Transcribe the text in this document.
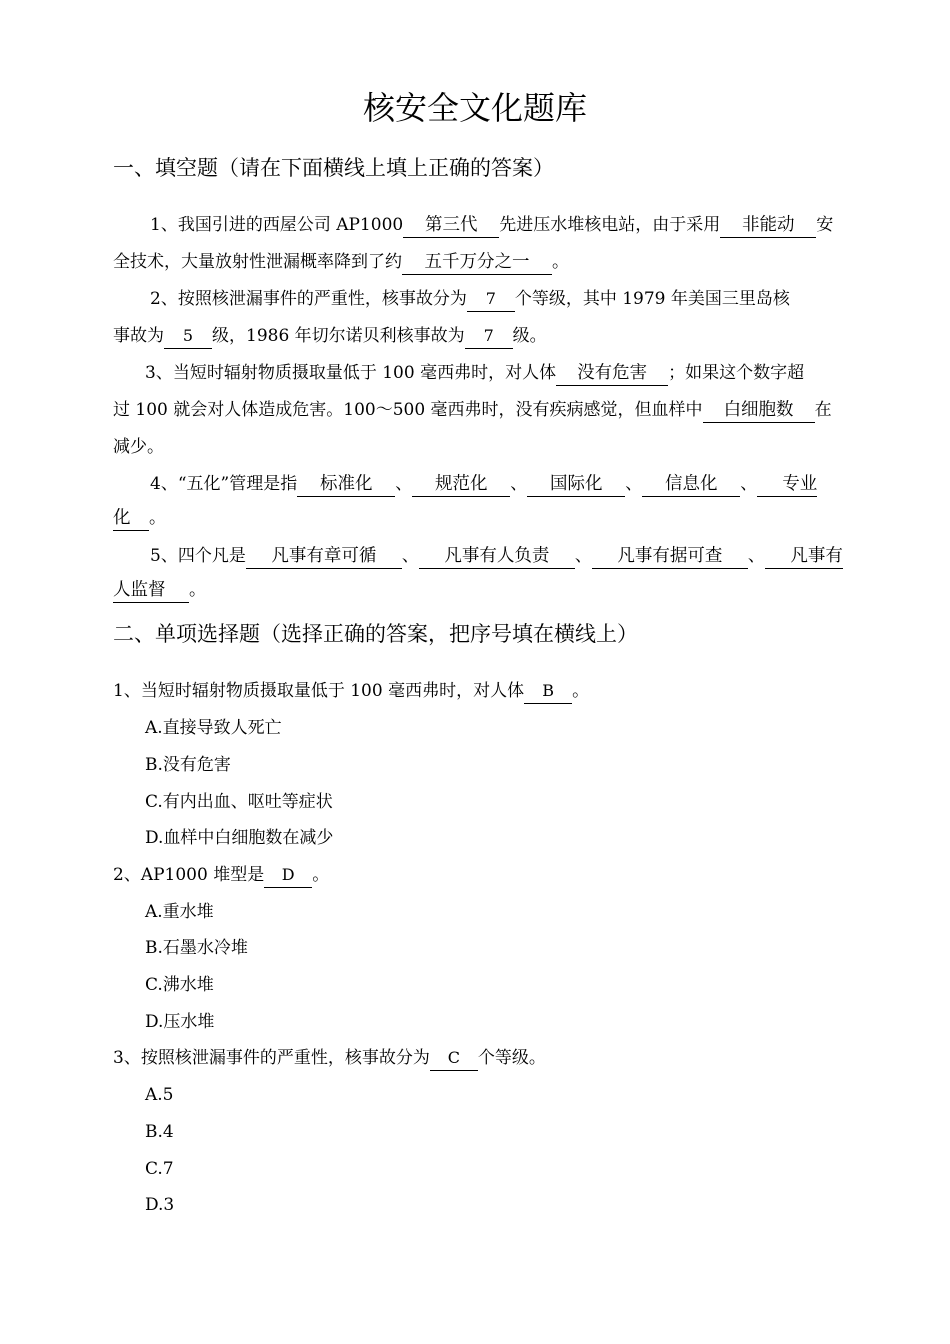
核安全文化题库
一、填空题（请在下面横线上填上正确的答案）
1、我国引进的西屋公司 AP1000 第三代 先进压水堆核电站，由于采用 非能动 安
全技术，大量放射性泄漏概率降到了约 五千万分之一 。
2、按照核泄漏事件的严重性，核事故分为 7 个等级，其中 1979 年美国三里岛核
事故为 5 级，1986 年切尔诺贝利核事故为 7 级。
3、当短时辐射物质摄取量低于 100 毫西弗时，对人体 没有危害 ；如果这个数字超
过 100 就会对人体造成危害。100～500 毫西弗时，没有疾病感觉，但血样中 白细胞数 在
减少。
4、“五化”管理是指 标准化 、 规范化 、 国际化 、 信息化 、 专业
化 。
5、四个凡是 凡事有章可循 、 凡事有人负责 、 凡事有据可查 、 凡事有
人监督 。
二、单项选择题（选择正确的答案，把序号填在横线上）
1、当短时辐射物质摄取量低于 100 毫西弗时，对人体 B 。
A.直接导致人死亡
B.没有危害
C.有内出血、呕吐等症状
D.血样中白细胞数在减少
2、AP1000 堆型是 D 。
A.重水堆
B.石墨水冷堆
C.沸水堆
D.压水堆
3、按照核泄漏事件的严重性，核事故分为 C 个等级。
A.5
B.4
C.7
D.3
